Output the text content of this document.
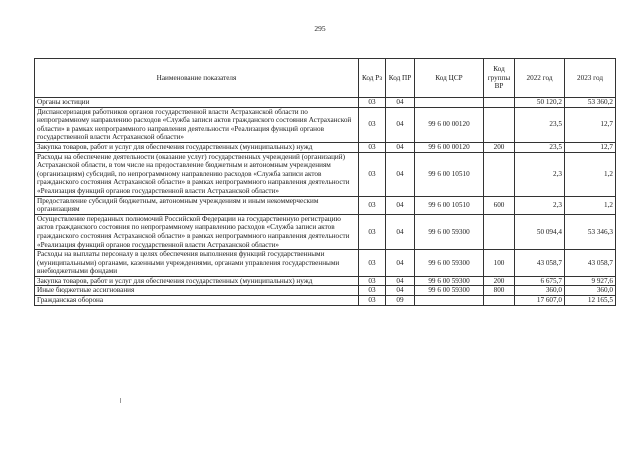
295
Наименование показателя	Код Рз	Код ПР	Код ЦСР	Код группы ВР	2022 год	2023 год
Органы юстиции	03	04			50 120,2	53 360,2
Диспансеризация работников органов государственной власти Астраханской области по непрограммному направлению расходов «Служба записи актов гражданского состояния Астраханской области» в рамках непрограммного направления деятельности «Реализация функций органов государственной власти Астраханской области»	03	04	99 6 00 00120		23,5	12,7
Закупка товаров, работ и услуг для обеспечения государственных (муниципальных) нужд	03	04	99 6 00 00120	200	23,5	12,7
Расходы на обеспечение деятельности (оказание услуг) государственных учреждений (организаций) Астраханской области, в том числе на предоставление бюджетным и автономным учреждениям (организациям) субсидий, по непрограммному направлению расходов «Служба записи актов гражданского состояния Астраханской области» в рамках непрограммного направления деятельности «Реализация функций органов государственной власти Астраханской области»	03	04	99 6 00 10510		2,3	1,2
Предоставление субсидий бюджетным, автономным учреждениям и иным некоммерческим организациям	03	04	99 6 00 10510	600	2,3	1,2
Осуществление переданных полномочий Российской Федерации на государственную регистрацию актов гражданского состояния по непрограммному направлению расходов «Служба записи актов гражданского состояния Астраханской области» в рамках непрограммного направления деятельности «Реализация функций органов государственной власти Астраханской области»	03	04	99 6 00 59300		50 094,4	53 346,3
Расходы на выплаты персоналу в целях обеспечения выполнения функций государственными (муниципальными) органами, казенными учреждениями, органами управления государственными внебюджетными фондами	03	04	99 6 00 59300	100	43 058,7	43 058,7
Закупка товаров, работ и услуг для обеспечения государственных (муниципальных) нужд	03	04	99 6 00 59300	200	6 675,7	9 927,6
Иные бюджетные ассигнования	03	04	99 6 00 59300	800	360,0	360,0
Гражданская оборона	03	09			17 607,0	12 165,5
